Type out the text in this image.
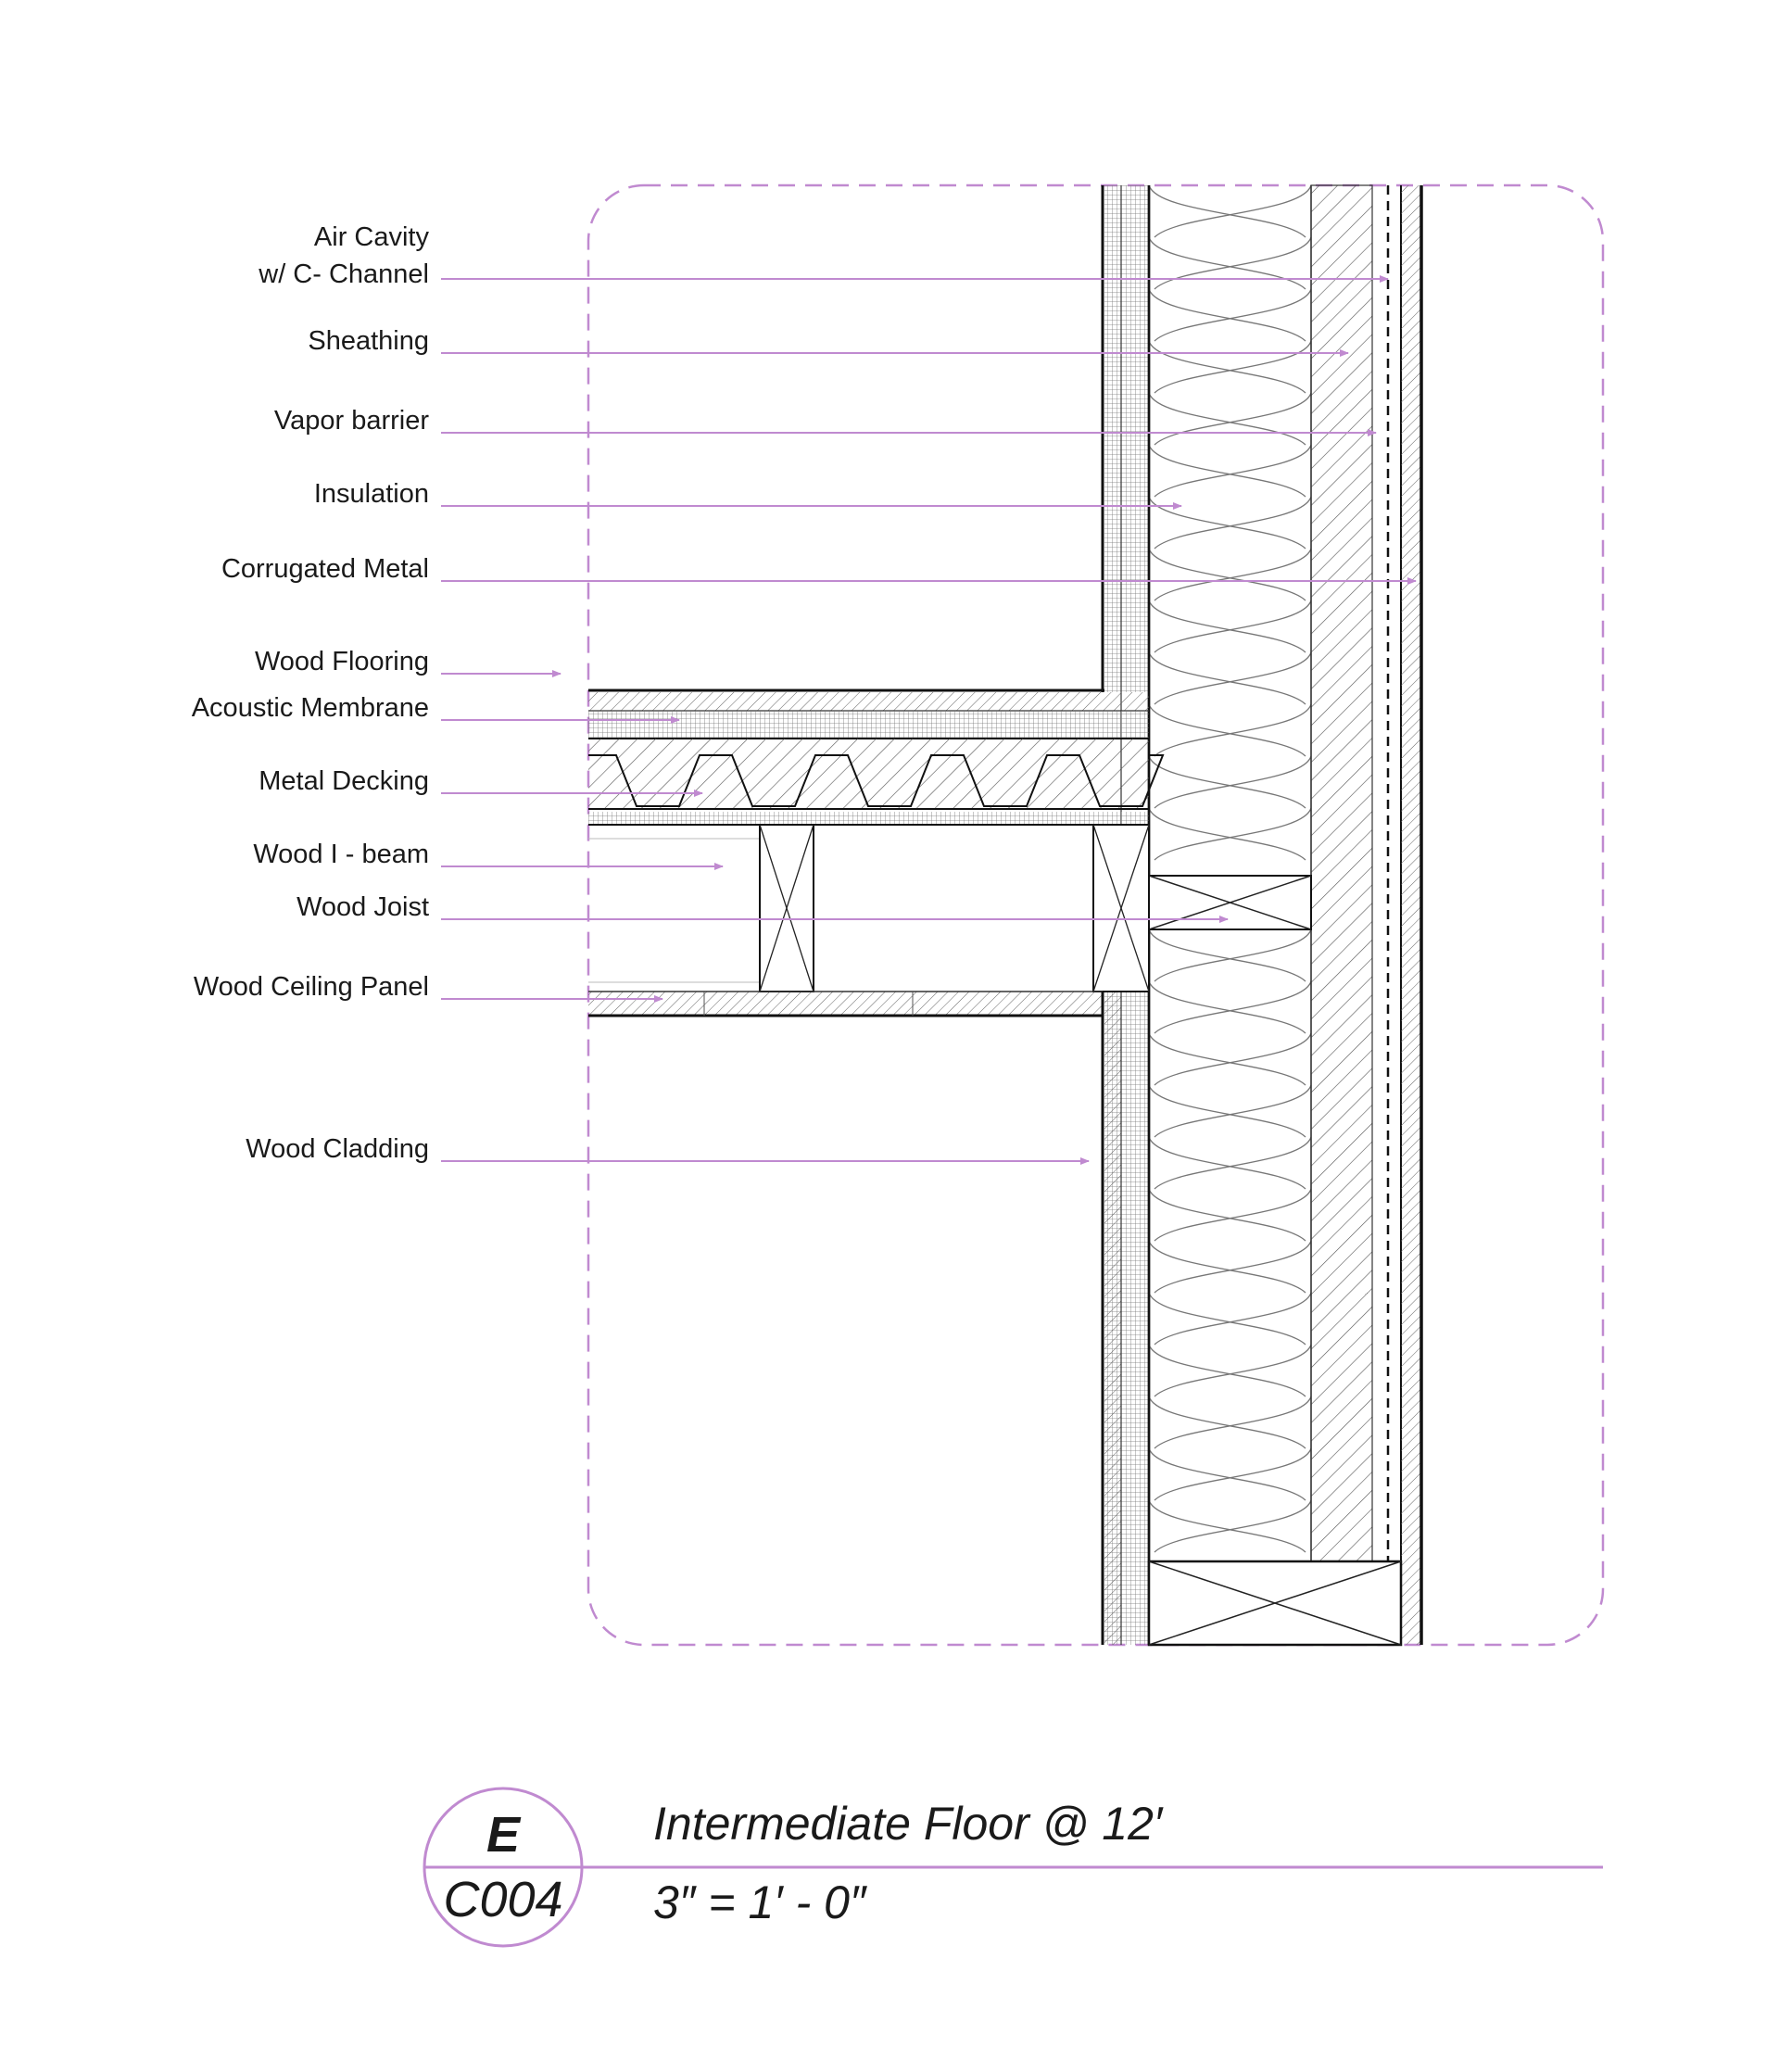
Air Cavity
w/ C- Channel
Sheathing
Vapor barrier
Insulation
Corrugated Metal
Wood Flooring
Acoustic Membrane
Metal Decking
Wood I - beam
Wood Joist
Wood Ceiling Panel
Wood Cladding
E
C004
Intermediate Floor @ 12′
3″ = 1′ - 0″
